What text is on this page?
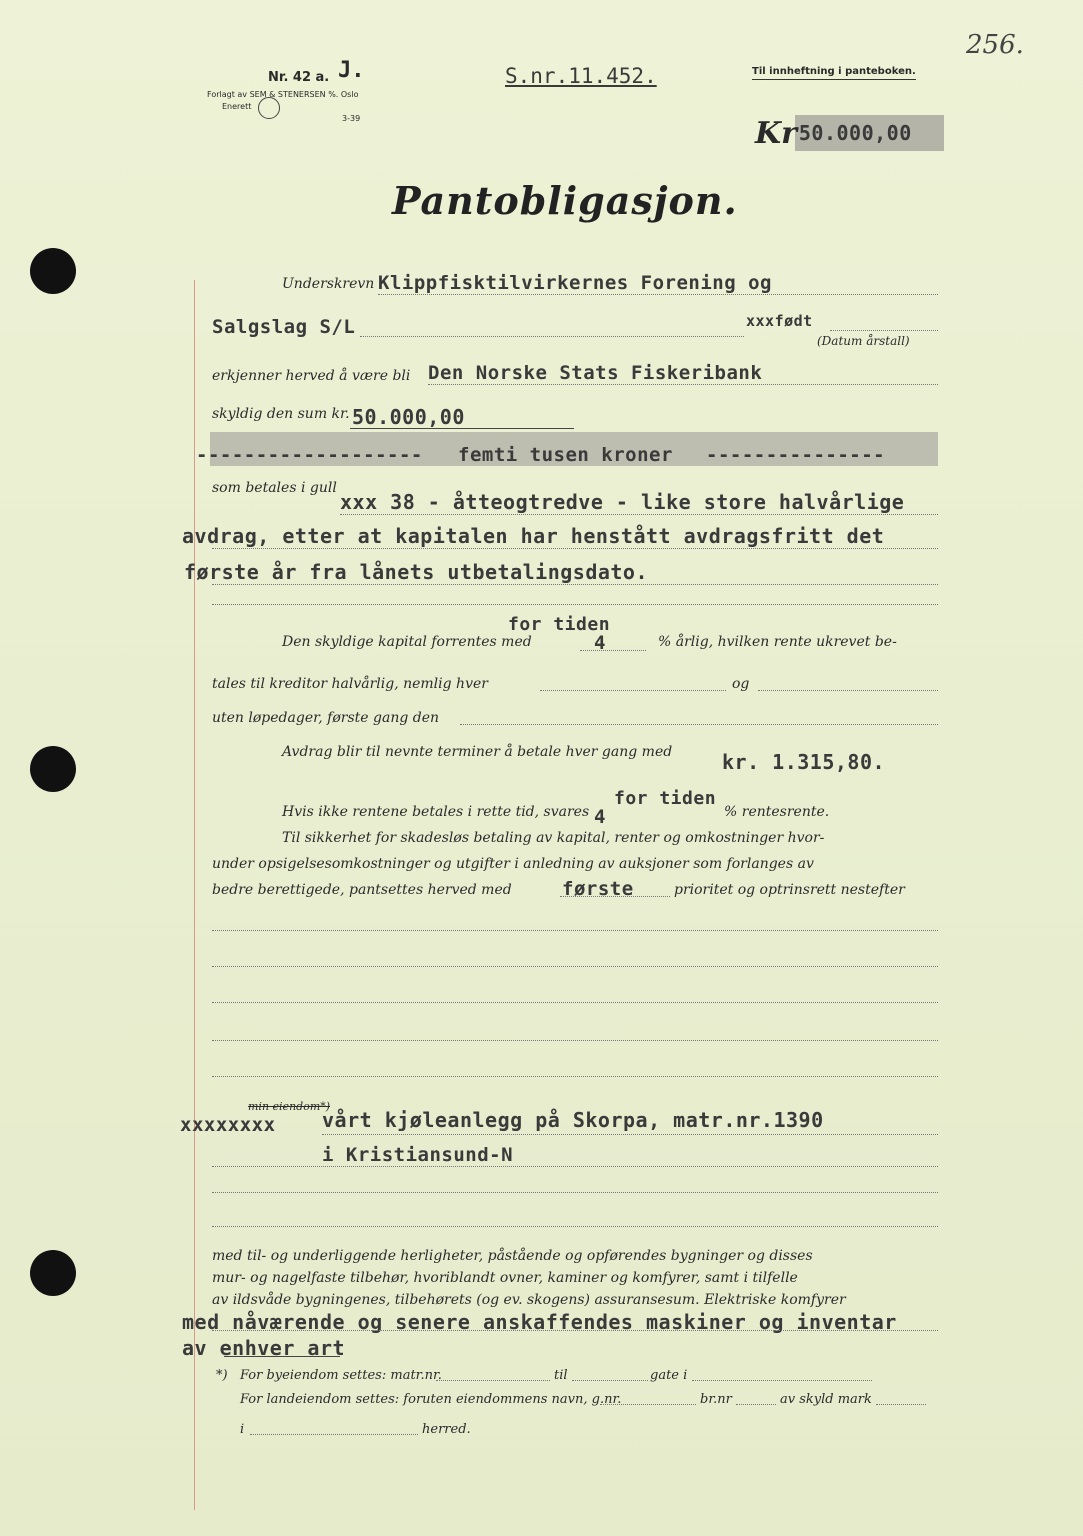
256.
Nr. 42 a. J.
Forlagt av SEM & STENERSEN %. Oslo
Enerett
3-39
S.nr.11.452.	Til innheftning i panteboken.
Kr 50.000,00
Pantobligasjon.
Underskrevn Klippfisktilvirkernes Forening og
Salgslag S/L	xxxfødt
(Datum årstall)
erkjenner herved å være bli Den Norske Stats Fiskeribank
skyldig den sum kr. 50.000,00
------------------- femti tusen kroner ---------------
som betales i gull
xxx 38 - åtteogtredve - like store halvårlige
avdrag, etter at kapitalen har henstått avdragsfritt det
første år fra lånets utbetalingsdato.
for tiden
Den skyldige kapital forrentes med	4	% årlig, hvilken rente ukrevet be-
tales til kreditor halvårlig, nemlig hver	og
uten løpedager, første gang den
Avdrag blir til nevnte terminer å betale hver gang med kr. 1.315,80.
Hvis ikke rentene betales i rette tid, svares
for tiden
4	% rentesrente.
Til sikkerhet for skadesløs betaling av kapital, renter og omkostninger hvor-
under opsigelsesomkostninger og utgifter i anledning av auksjoner som forlanges av
bedre berettigede, pantsettes herved med	første	prioritet og optrinsrett nestefter
min eiendom*)
xxxxxxxx vårt kjøleanlegg på Skorpa, matr.nr.1390
i Kristiansund-N
med til- og underliggende herligheter, påstående og opførendes bygninger og disses
mur- og nagelfaste tilbehør, hvoriblandt ovner, kaminer og komfyrer, samt i tilfelle
av ildsvåde bygningenes, tilbehørets (og ev. skogens) assuransesum. Elektriske komfyrer
med nåværende og senere anskaffendes maskiner og inventar
av enhver art
*) For byeiendom settes: matr.nr.	til	gate i
For landeiendom settes: foruten eiendommens navn, g.nr.	br.nr	av skyld mark
i	herred.
